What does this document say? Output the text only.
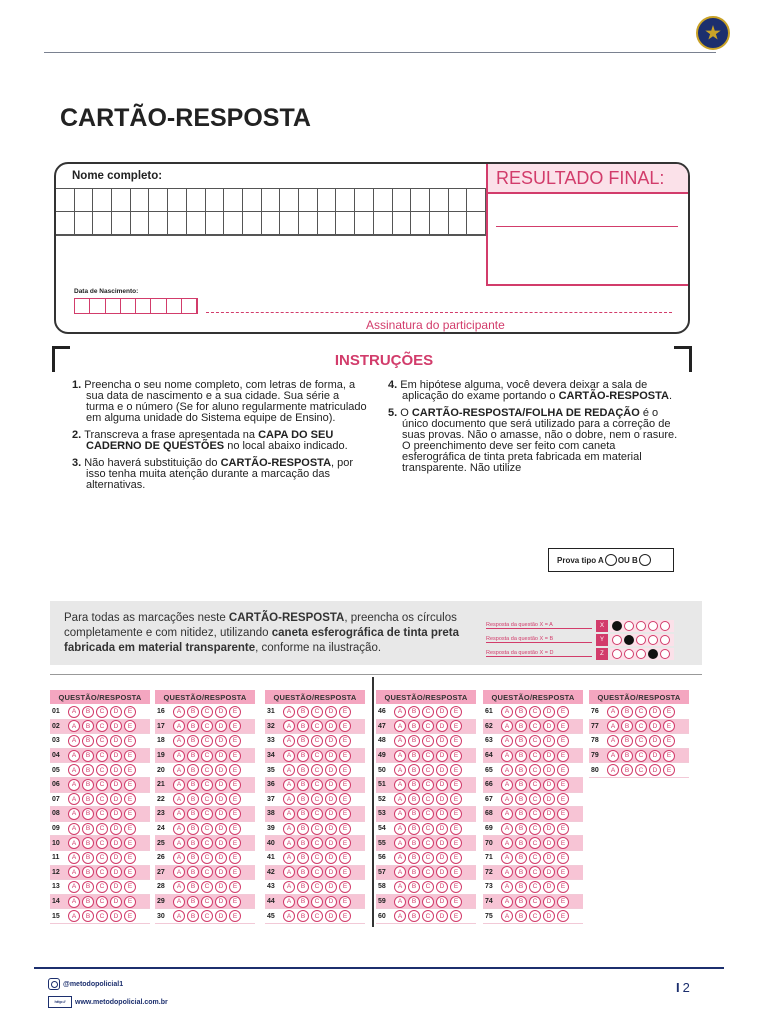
CARTÃO-RESPOSTA
Nome completo:	RESULTADO FINAL:
Data de Nascimento:
Assinatura do participante
INSTRUÇÕES
1. Preencha o seu nome completo, com letras de forma, a sua data de nascimento e a sua cidade. Sua série a turma e o número (Se for aluno regularmente matriculado em alguma unidade do Sistema equipe de Ensino).
2. Transcreva a frase apresentada na CAPA DO SEU CADERNO DE QUESTÕES no local abaixo indicado.
3. Não haverá substituição do CARTÃO-RESPOSTA, por isso tenha muita atenção durante a marcação das alternativas.
4. Em hipótese alguma, você devera deixar a sala de aplicação do exame portando o CARTÃO-RESPOSTA.
5. O CARTÃO-RESPOSTA/FOLHA DE REDAÇÃO é o único documento que será utilizado para a correção de suas provas. Não o amasse, não o dobre, nem o rasure. O preenchimento deve ser feito com caneta esferográfica de tinta preta fabricada em material transparente. Não utilize
Prova tipo A OU B
Para todas as marcações neste CARTÃO-RESPOSTA, preencha os círculos completamente e com nitidez, utilizando caneta esferográfica de tinta preta fabricada em material transparente, conforme na ilustração.
Resposta da questão X = A	X
Resposta da questão X = B	Y
Resposta da questão X = D	Z
QUESTÃO/RESPOSTA
01	A	B	C	D	E
02	A	B	C	D	E
03	A	B	C	D	E
04	A	B	C	D	E
05	A	B	C	D	E
06	A	B	C	D	E
07	A	B	C	D	E
08	A	B	C	D	E
09	A	B	C	D	E
10	A	B	C	D	E
11	A	B	C	D	E
12	A	B	C	D	E
13	A	B	C	D	E
14	A	B	C	D	E
15	A	B	C	D	E
QUESTÃO/RESPOSTA
16	A	B	C	D	E
17	A	B	C	D	E
18	A	B	C	D	E
19	A	B	C	D	E
20	A	B	C	D	E
21	A	B	C	D	E
22	A	B	C	D	E
23	A	B	C	D	E
24	A	B	C	D	E
25	A	B	C	D	E
26	A	B	C	D	E
27	A	B	C	D	E
28	A	B	C	D	E
29	A	B	C	D	E
30	A	B	C	D	E
QUESTÃO/RESPOSTA
31	A	B	C	D	E
32	A	B	C	D	E
33	A	B	C	D	E
34	A	B	C	D	E
35	A	B	C	D	E
36	A	B	C	D	E
37	A	B	C	D	E
38	A	B	C	D	E
39	A	B	C	D	E
40	A	B	C	D	E
41	A	B	C	D	E
42	A	B	C	D	E
43	A	B	C	D	E
44	A	B	C	D	E
45	A	B	C	D	E
QUESTÃO/RESPOSTA
46	A	B	C	D	E
47	A	B	C	D	E
48	A	B	C	D	E
49	A	B	C	D	E
50	A	B	C	D	E
51	A	B	C	D	E
52	A	B	C	D	E
53	A	B	C	D	E
54	A	B	C	D	E
55	A	B	C	D	E
56	A	B	C	D	E
57	A	B	C	D	E
58	A	B	C	D	E
59	A	B	C	D	E
60	A	B	C	D	E
QUESTÃO/RESPOSTA
61	A	B	C	D	E
62	A	B	C	D	E
63	A	B	C	D	E
64	A	B	C	D	E
65	A	B	C	D	E
66	A	B	C	D	E
67	A	B	C	D	E
68	A	B	C	D	E
69	A	B	C	D	E
70	A	B	C	D	E
71	A	B	C	D	E
72	A	B	C	D	E
73	A	B	C	D	E
74	A	B	C	D	E
75	A	B	C	D	E
QUESTÃO/RESPOSTA
76	A	B	C	D	E
77	A	B	C	D	E
78	A	B	C	D	E
79	A	B	C	D	E
80	A	B	C	D	E
@metodopolicial1
http://	www.metodopolicial.com.br
I 2
